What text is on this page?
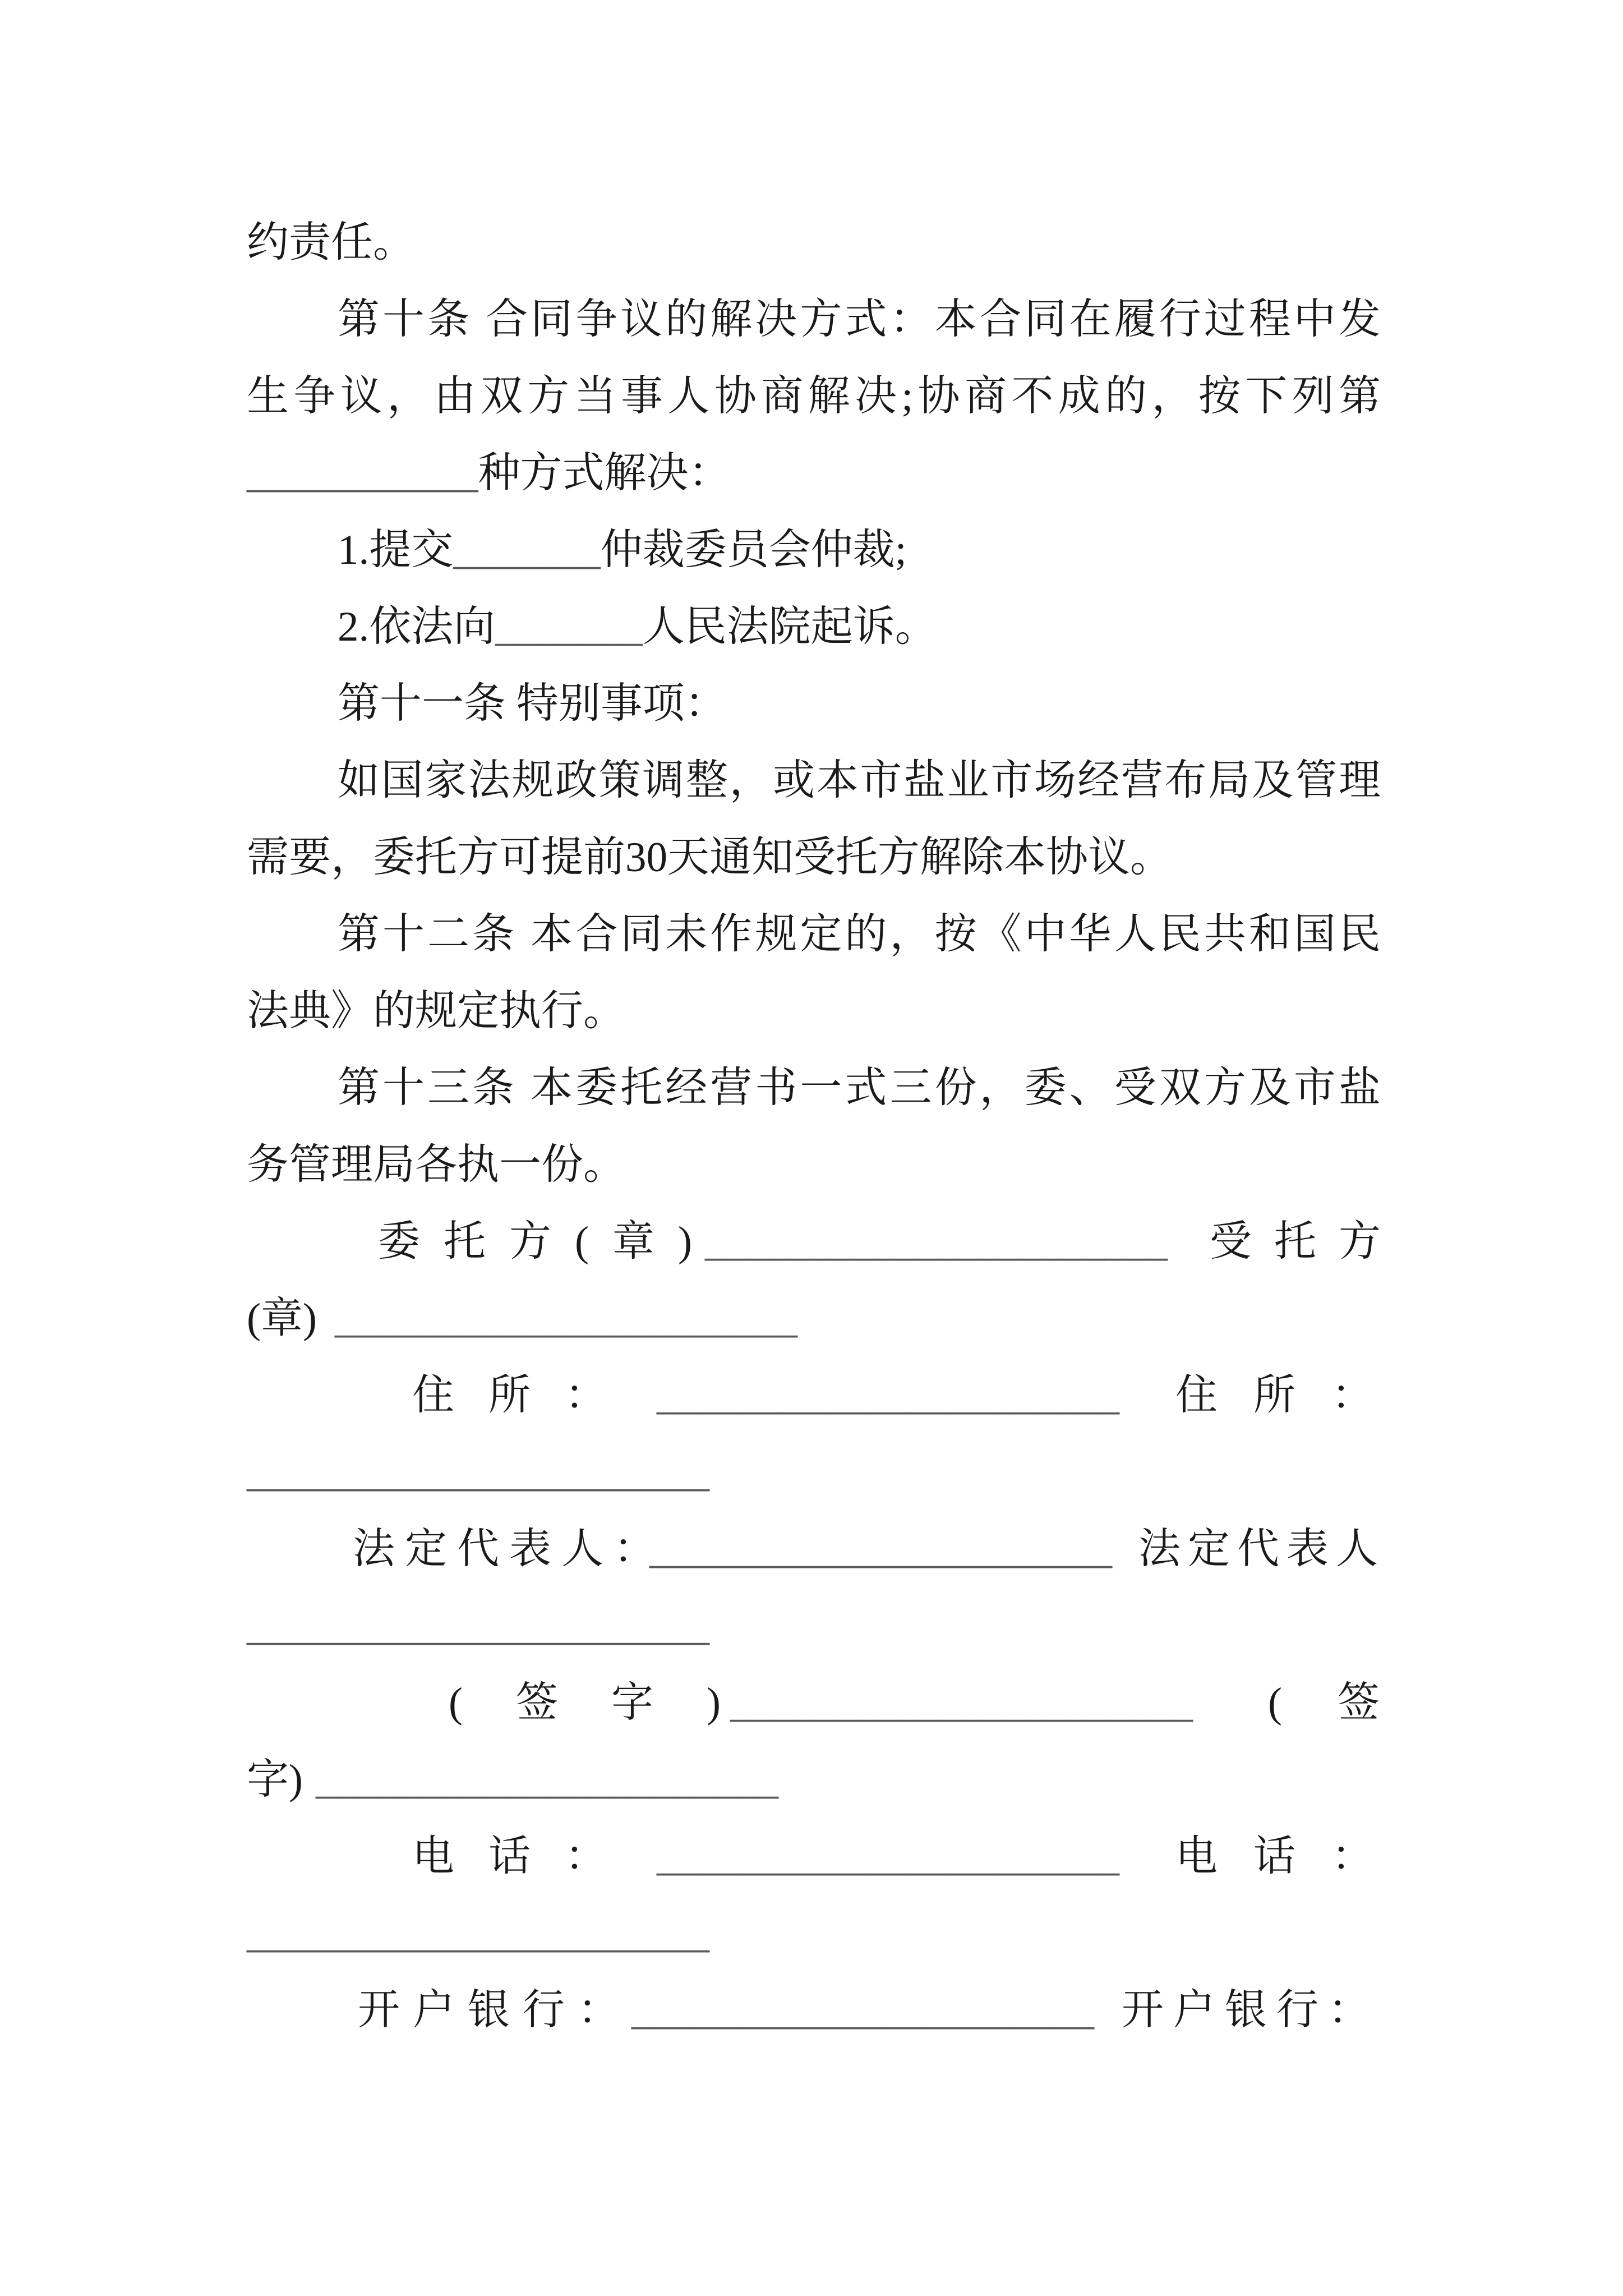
约责任。
第十条 合同争议的解决方式：本合同在履行过程中发
生争议，由双方当事人协商解决;协商不成的，按下列第
___________种方式解决：
1.提交_______仲裁委员会仲裁;
2.依法向_______人民法院起诉。
第十一条 特别事项：
如国家法规政策调整，或本市盐业市场经营布局及管理
需要，委托方可提前30天通知受托方解除本协议。
第十二条 本合同未作规定的，按《中华人民共和国民
法典》的规定执行。
第十三条 本委托经营书一式三份，委、受双方及市盐
务管理局各执一份。
委托方(章)
______________________ 受托方
(章) ______________________
住所： ______________________ 住所：
______________________
法定代表人：
______________________ 法定代表人
______________________
(签字)
______________________ (签
字) ______________________
电话： ______________________ 电话：
______________________
开户银行：
______________________ 开户银行：
